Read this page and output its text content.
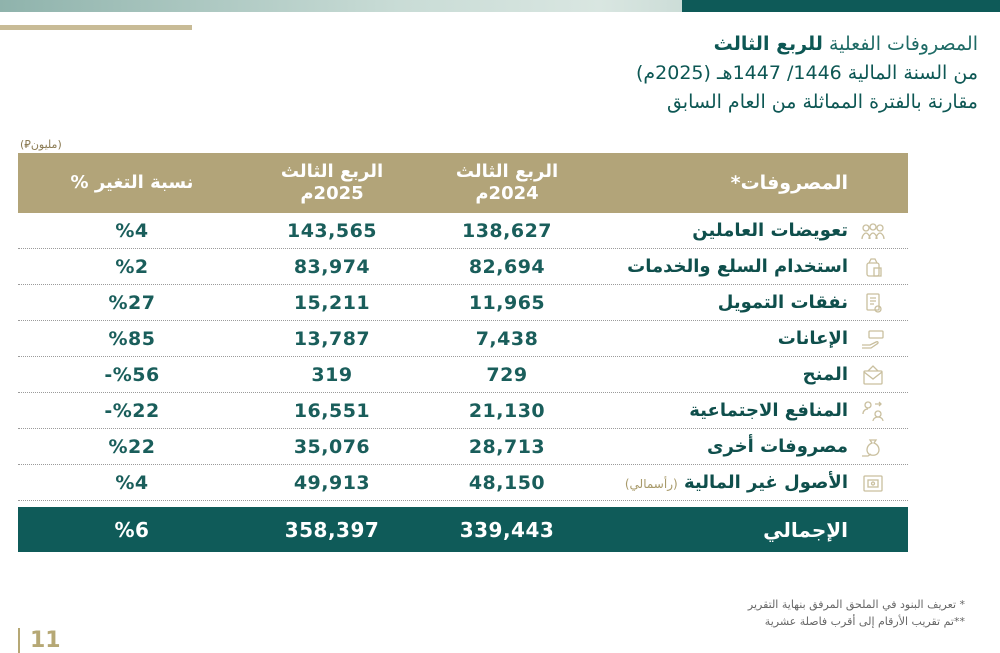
المصروفات الفعلية للربع الثالث
من السنة المالية 1446/ 1447هـ (2025م)
مقارنة بالفترة المماثلة من العام السابق
(مليون⃁)
المصروفات*
الربع الثالث
2024م
الربع الثالث
2025م
نسبة التغير %
تعويضات العاملين
138,627
143,565
%4
استخدام السلع والخدمات
82,694
83,974
%2
نفقات التمويل
11,965
15,211
%27
الإعانات
7,438
13,787
%85
المنح
729
319
%56-
المنافع الاجتماعية
21,130
16,551
%22-
مصروفات أخرى
28,713
35,076
%22
الأصول غير المالية (رأسمالي)
48,150
49,913
%4
الإجمالي
339,443
358,397
%6
* تعريف البنود في الملحق المرفق بنهاية التقرير
**تم تقريب الأرقام إلى أقرب فاصلة عشرية
11
